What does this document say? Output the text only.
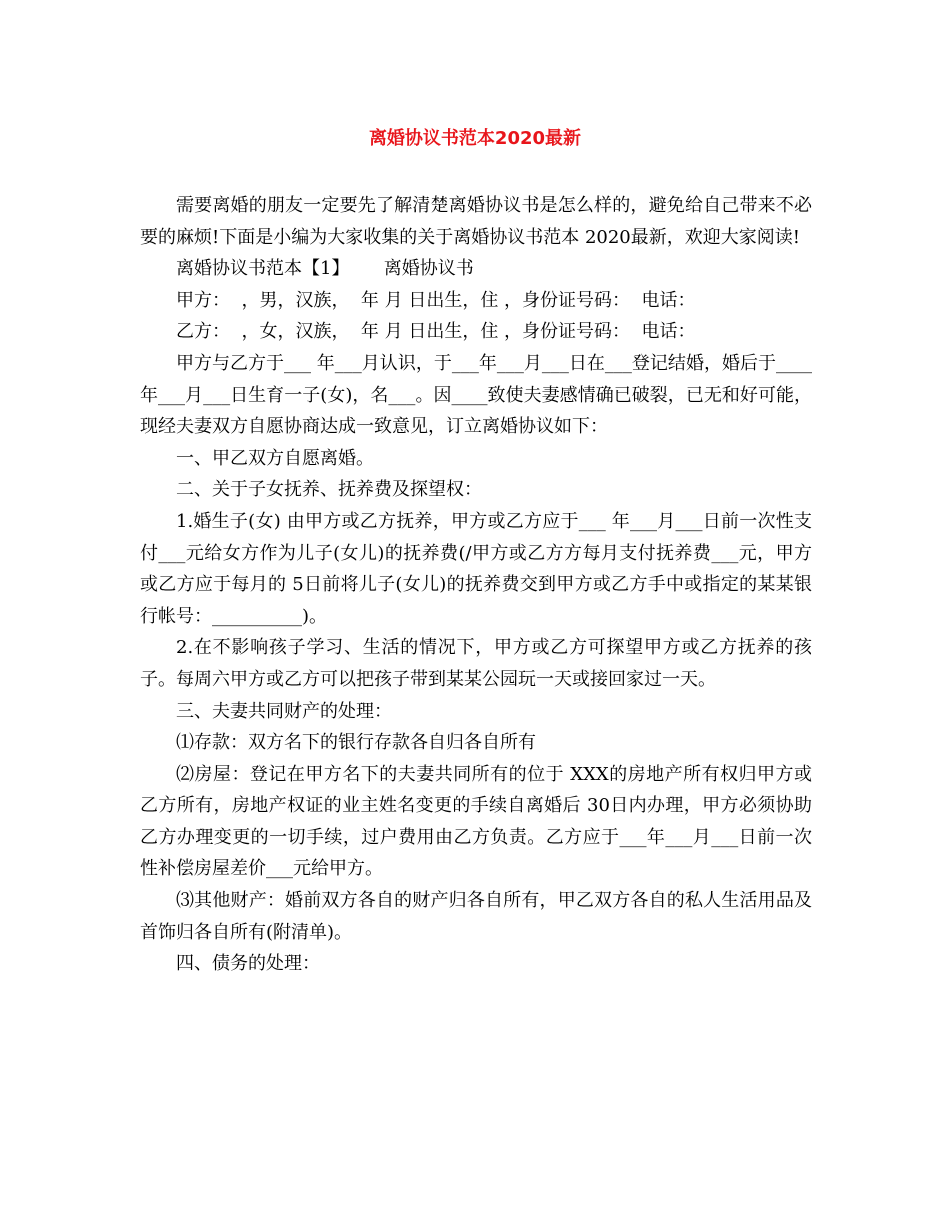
离婚协议书范本2020最新

需要离婚的朋友一定要先了解清楚离婚协议书是怎么样的，避免给自己带来不必要的麻烦!下面是小编为大家收集的关于离婚协议书范本 2020最新，欢迎大家阅读!

离婚协议书范本【1】      离婚协议书

甲方：  ，男，汉族，  年 月 日出生，住 ，身份证号码：  电话：

乙方：  ，女，汉族，  年 月 日出生，住 ，身份证号码：  电话：

甲方与乙方于___ 年___月认识，于___年___月___日在___登记结婚，婚后于____年___月___日生育一子(女)，名___。因____致使夫妻感情确已破裂，已无和好可能，现经夫妻双方自愿协商达成一致意见，订立离婚协议如下：

一、甲乙双方自愿离婚。

二、关于子女抚养、抚养费及探望权：

1.婚生子(女) 由甲方或乙方抚养，甲方或乙方应于___ 年___月___日前一次性支付___元给女方作为儿子(女儿)的抚养费(/甲方或乙方方每月支付抚养费___元，甲方或乙方应于每月的 5日前将儿子(女儿)的抚养费交到甲方或乙方手中或指定的某某银行帐号：__________)。

2.在不影响孩子学习、生活的情况下，甲方或乙方可探望甲方或乙方抚养的孩子。每周六甲方或乙方可以把孩子带到某某公园玩一天或接回家过一天。

三、夫妻共同财产的处理：

⑴存款：双方名下的银行存款各自归各自所有

⑵房屋：登记在甲方名下的夫妻共同所有的位于 XXX的房地产所有权归甲方或乙方所有，房地产权证的业主姓名变更的手续自离婚后 30日内办理，甲方必须协助乙方办理变更的一切手续，过户费用由乙方负责。乙方应于___年___月___日前一次性补偿房屋差价___元给甲方。

⑶其他财产：婚前双方各自的财产归各自所有，甲乙双方各自的私人生活用品及首饰归各自所有(附清单)。

四、债务的处理：
